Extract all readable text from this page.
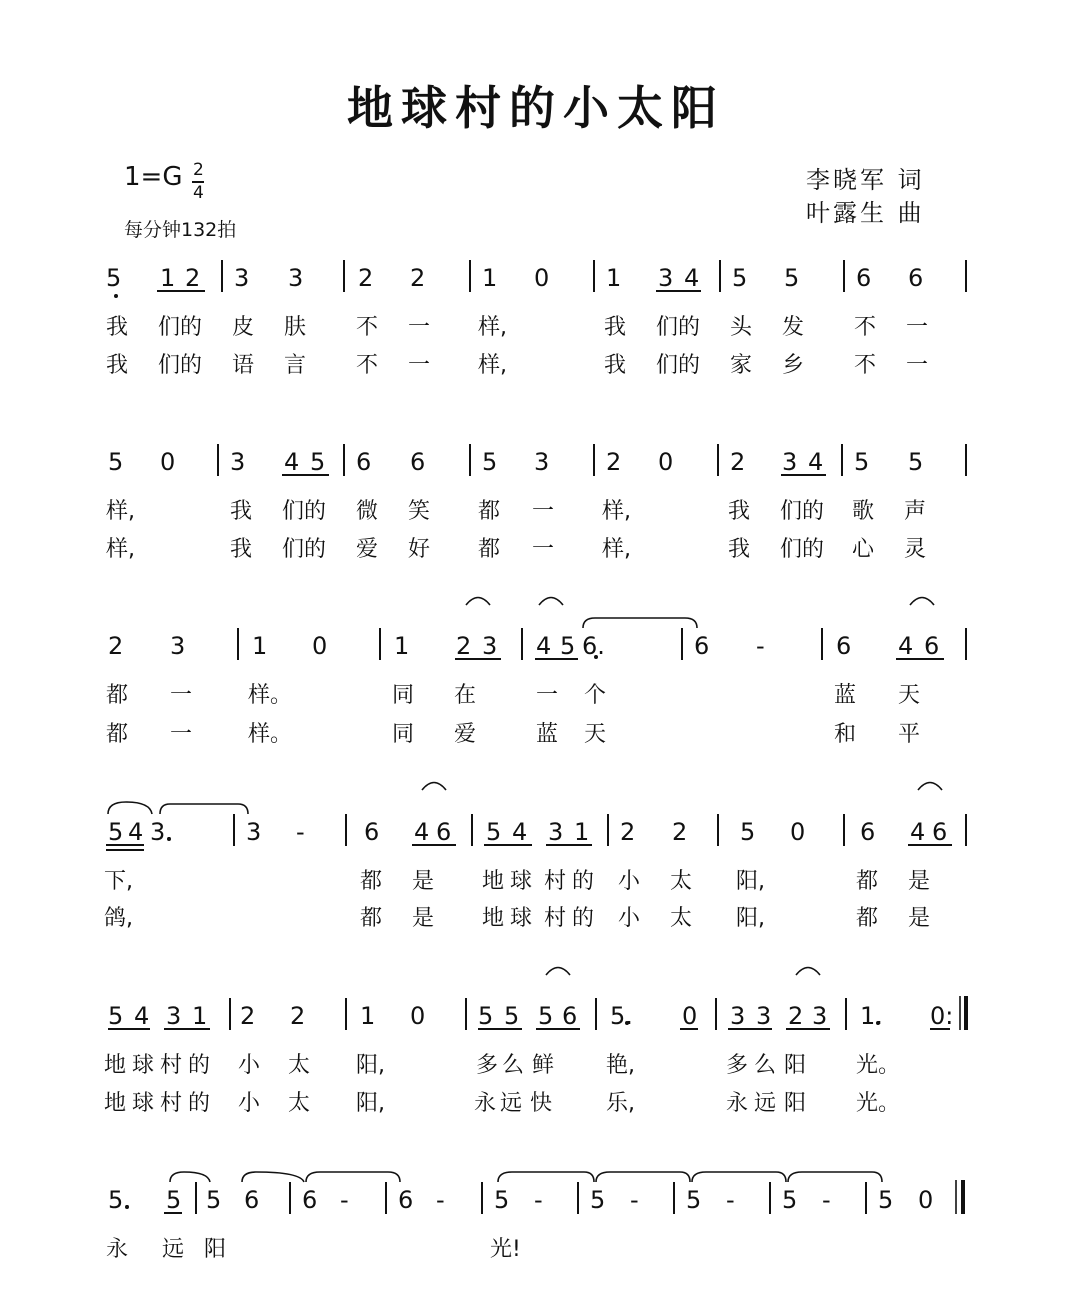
地球村的小太阳
1=G 2
4
每分钟132拍
李晓军 词
叶露生 曲
5 1 2 3 3 2 2 1 0 1 3 4 5 5 6 6
我 们的 皮 肤 不 一 样,	我 们的 头 发 不 一
我 们的 语 言 不 一 样,	我 们的 家 乡 不 一
5 0 3 4 5 6 6 5 3 2 0 2 3 4 5 5
样,	我 们的 微 笑 都 一 样,	我 们的 歌 声
样,	我 们的 爱 好 都 一 样,	我 们的 心 灵
2 3	1 0	1 2 3 4 5 6.	6 -	6 4 6
都 一	样。	同 在	一 个	蓝 天
都 一	样。	同 爱	蓝 天	和 平
5 4 3.	3 - 6 4 6 5 4 3 1 2 2 5 0 6 4 6
下,	都 是 地 球 村 的 小 太 阳,	都 是
鸽,	都 是 地 球 村 的 小 太 阳,	都 是
5 4 3 1 2 2 1 0 5 5 5 6 5. 0 3 3 2 3 1. 0:
地 球 村 的 小 太 阳,	多 么 鲜 艳,	多 么 阳 光。
地 球 村 的 小 太 阳,	永 远 快 乐,	永 远 阳 光。
5. 5 5 6 6 - 6 - 5 - 5 - 5 - 5 - 5 0
永 远 阳	光!
